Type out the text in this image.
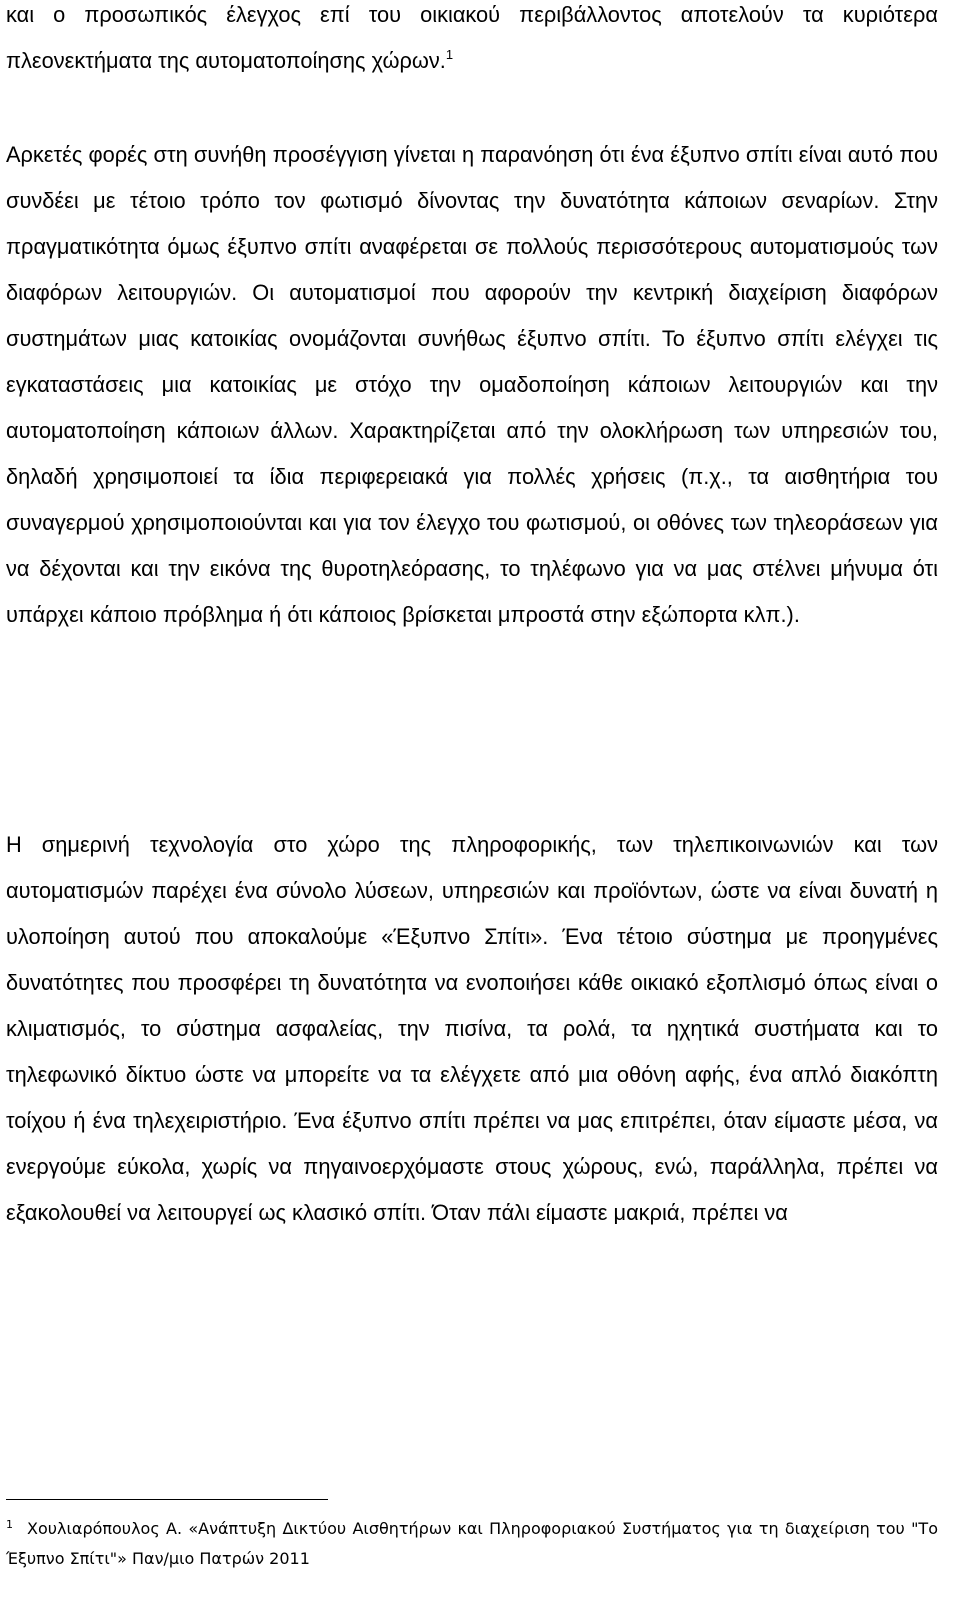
και ο προσωπικός έλεγχος επί του οικιακού περιβάλλοντος αποτελούν τα κυριότερα πλεονεκτήματα της αυτοματοποίησης χώρων.$^1$

Αρκετές φορές στη συνήθη προσέγγιση γίνεται η παρανόηση ότι ένα έξυπνο σπίτι είναι αυτό που συνδέει με τέτοιο τρόπο τον φωτισμό δίνοντας την δυνατότητα κάποιων σεναρίων. Στην πραγματικότητα όμως έξυπνο σπίτι αναφέρεται σε πολλούς περισσότερους αυτοματισμούς των διαφόρων λειτουργιών. Οι αυτοματισμοί που αφορούν την κεντρική διαχείριση διαφόρων συστημάτων μιας κατοικίας ονομάζονται συνήθως έξυπνο σπίτι. Το έξυπνο σπίτι ελέγχει τις εγκαταστάσεις μια κατοικίας με στόχο την ομαδοποίηση κάποιων λειτουργιών και την αυτοματοποίηση κάποιων άλλων. Χαρακτηρίζεται από την ολοκλήρωση των υπηρεσιών του, δηλαδή χρησιμοποιεί τα ίδια περιφερειακά για πολλές χρήσεις (π.χ., τα αισθητήρια του συναγερμού χρησιμοποιούνται και για τον έλεγχο του φωτισμού, οι οθόνες των τηλεοράσεων για να δέχονται και την εικόνα της θυροτηλεόρασης, το τηλέφωνο για να μας στέλνει μήνυμα ότι υπάρχει κάποιο πρόβλημα ή ότι κάποιος βρίσκεται μπροστά στην εξώπορτα κλπ.).

Η σημερινή τεχνολογία στο χώρο της πληροφορικής, των τηλεπικοινωνιών και των αυτοματισμών παρέχει ένα σύνολο λύσεων, υπηρεσιών και προϊόντων, ώστε να είναι δυνατή η υλοποίηση αυτού που αποκαλούμε «Έξυπνο Σπίτι». Ένα τέτοιο σύστημα με προηγμένες δυνατότητες που προσφέρει τη δυνατότητα να ενοποιήσει κάθε οικιακό εξοπλισμό όπως είναι ο κλιματισμός, το σύστημα ασφαλείας, την πισίνα, τα ρολά, τα ηχητικά συστήματα και το τηλεφωνικό δίκτυο ώστε να μπορείτε να τα ελέγχετε από μια οθόνη αφής, ένα απλό διακόπτη τοίχου ή ένα τηλεχειριστήριο. Ένα έξυπνο σπίτι πρέπει να μας επιτρέπει, όταν είμαστε μέσα, να ενεργούμε εύκολα, χωρίς να πηγαινοερχόμαστε στους χώρους, ενώ, παράλληλα, πρέπει να εξακολουθεί να λειτουργεί ως κλασικό σπίτι. Όταν πάλι είμαστε μακριά, πρέπει να

$^1$ Χουλιαρόπουλος Α. «Ανάπτυξη Δικτύου Αισθητήρων και Πληροφοριακού Συστήματος για τη διαχείριση του "Το Έξυπνο Σπίτι"» Παν/μιο Πατρών 2011
